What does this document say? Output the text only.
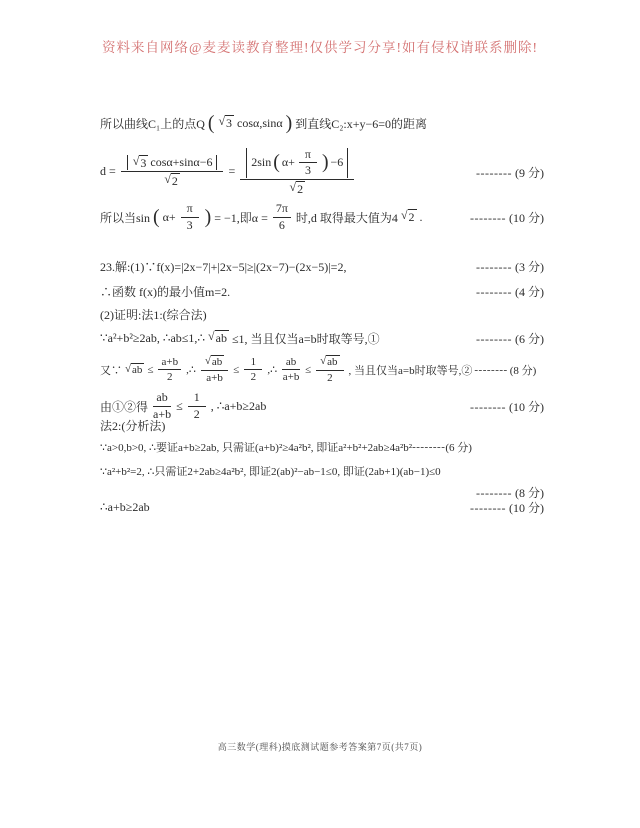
资料来自网络@麦麦读教育整理!仅供学习分享!如有侵权请联系删除!
所以曲线C₁上的点Q ( √ 3 cosα,sinα ) 到直线C₂:x+y−6=0的距离
$d = \frac{√ 3 \cos\alpha+\sin\alpha-6}{√ 2}$ =
2sin ( $\alpha+ \frac{\pi}{3}$ ) −6
√ 2
-------- (9 分)
所以当sin ( $\alpha+ \frac{\pi}{3}$ ) = −1,即$\alpha = \frac{7\pi}{6}$ 时,d 取得最大值为4 √ 2 .	-------- (10 分)
23.解:(1)∵f(x)=|2x−7|+|2x−5|≥|(2x−7)−(2x−5)|=2,	-------- (3 分)
∴函数 f(x)的最小值m=2.	-------- (4 分)
(2)证明:法1:(综合法)
∵a²+b²≥2ab, ∴ab≤1,∴ √ ab ≤1, 当且仅当a=b时取等号,①	-------- (6 分)
又∵ √ ab ≤ $\frac{a+b}{2}$ ,∴ $\frac{√ ab}{a+b} \le \frac{1}{2}$ ,∴ $\frac{ab}{a+b} \le \frac{√ ab}{2}$ , 当且仅当a=b时取等号,② -------- (8 分)
由①②得 $\frac{ab}{a+b} \le \frac{1}{2}$ , ∴a+b≥2ab	-------- (10 分)
法2:(分析法)
∵a>0,b>0, ∴要证a+b≥2ab, 只需证(a+b)²≥4a²b², 即证a²+b²+2ab≥4a²b² -------- (6 分)
∵a²+b²=2, ∴只需证2+2ab≥4a²b², 即证2(ab)²−ab−1≤0, 即证(2ab+1)(ab−1)≤0
-------- (8 分)
∴a+b≥2ab	-------- (10 分)
高三数学(理科)摸底测试题参考答案第7页(共7页)
